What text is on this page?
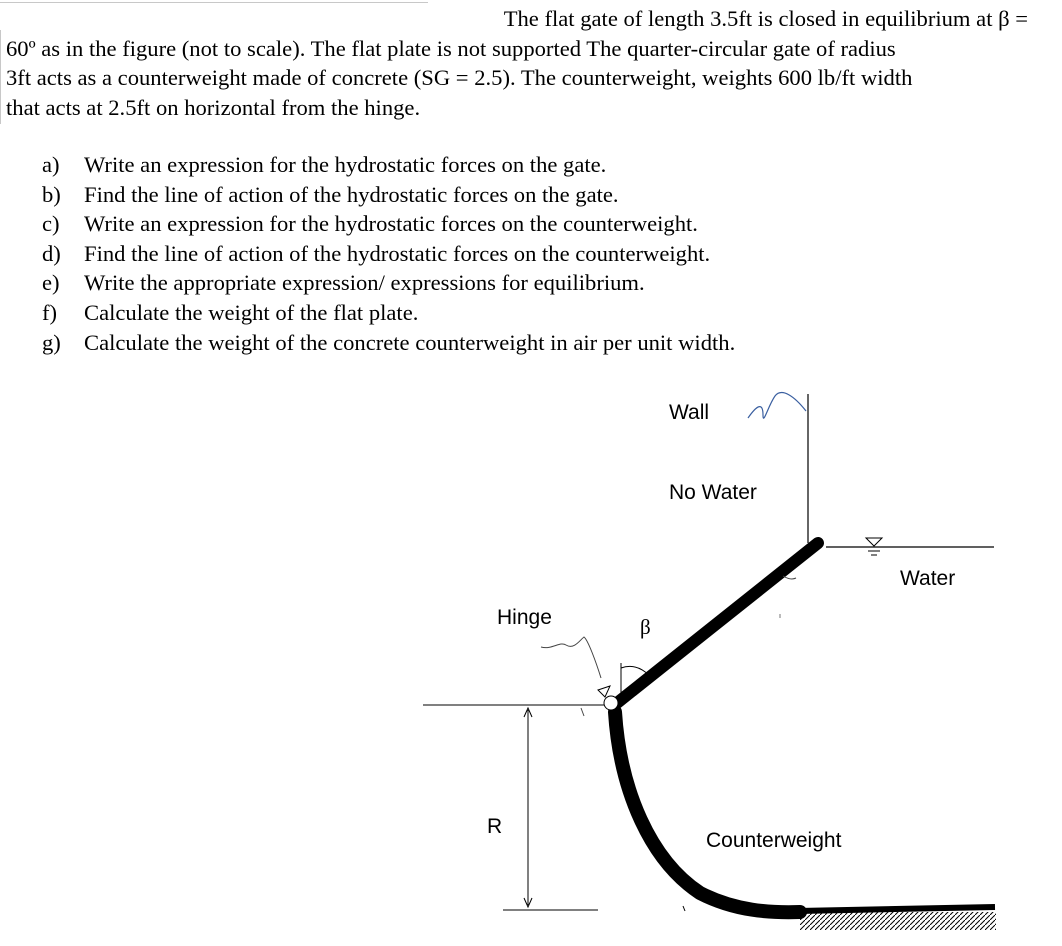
The flat gate of length 3.5ft is closed in equilibrium at β =
60º as in the figure (not to scale). The flat plate is not supported The quarter-circular gate of radius
3ft acts as a counterweight made of concrete (SG = 2.5). The counterweight, weights 600 lb/ft width
that acts at 2.5ft on horizontal from the hinge.
a)	Write an expression for the hydrostatic forces on the gate.
b)	Find the line of action of the hydrostatic forces on the gate.
c)	Write an expression for the hydrostatic forces on the counterweight.
d)	Find the line of action of the hydrostatic forces on the counterweight.
e)	Write the appropriate expression/ expressions for equilibrium.
f)	Calculate the weight of the flat plate.
g)	Calculate the weight of the concrete counterweight in air per unit width.
Wall
No Water
Water
Hinge	β
R
Counterweight
